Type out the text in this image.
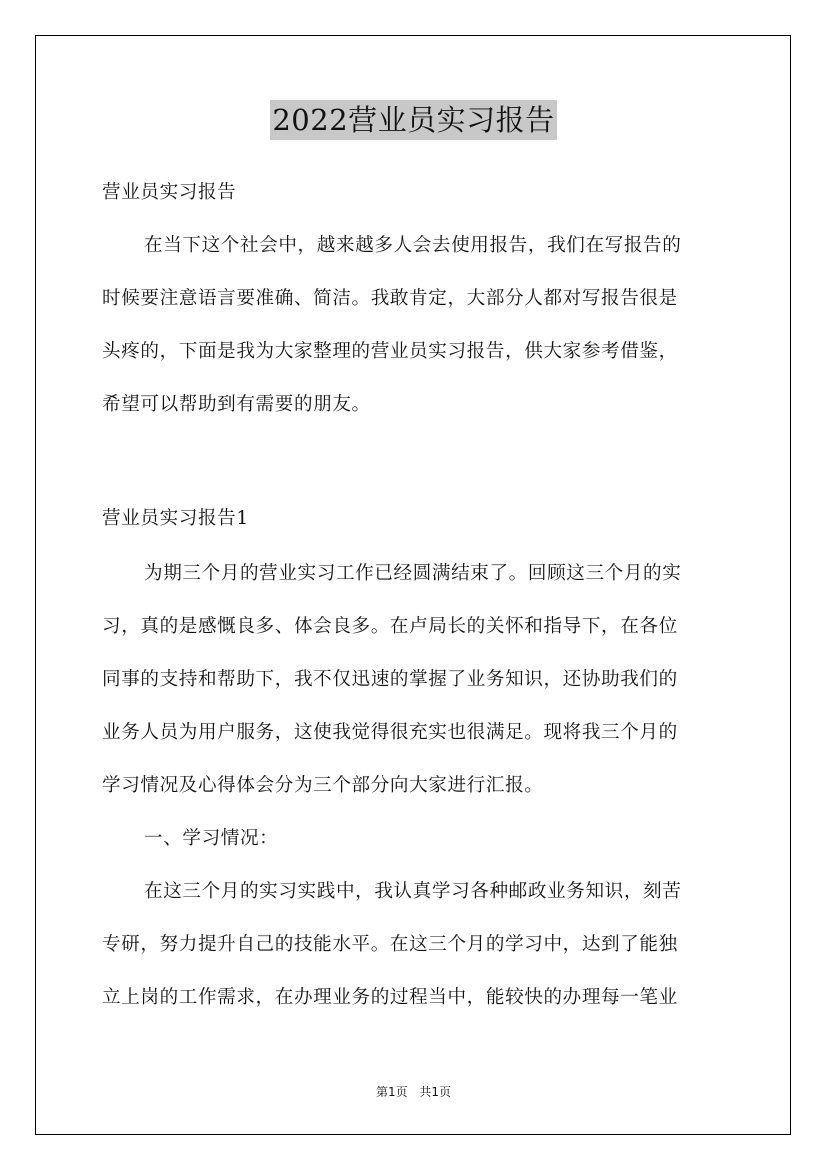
2022营业员实习报告
营业员实习报告
在当下这个社会中，越来越多人会去使用报告，我们在写报告的
时候要注意语言要准确、简洁。我敢肯定，大部分人都对写报告很是
头疼的，下面是我为大家整理的营业员实习报告，供大家参考借鉴，
希望可以帮助到有需要的朋友。
营业员实习报告1
为期三个月的营业实习工作已经圆满结束了。回顾这三个月的实
习，真的是感慨良多、体会良多。在卢局长的关怀和指导下，在各位
同事的支持和帮助下，我不仅迅速的掌握了业务知识，还协助我们的
业务人员为用户服务，这使我觉得很充实也很满足。现将我三个月的
学习情况及心得体会分为三个部分向大家进行汇报。
一、学习情况：
在这三个月的实习实践中，我认真学习各种邮政业务知识，刻苦
专研，努力提升自己的技能水平。在这三个月的学习中，达到了能独
立上岗的工作需求，在办理业务的过程当中，能较快的办理每一笔业
第1页 共1页
